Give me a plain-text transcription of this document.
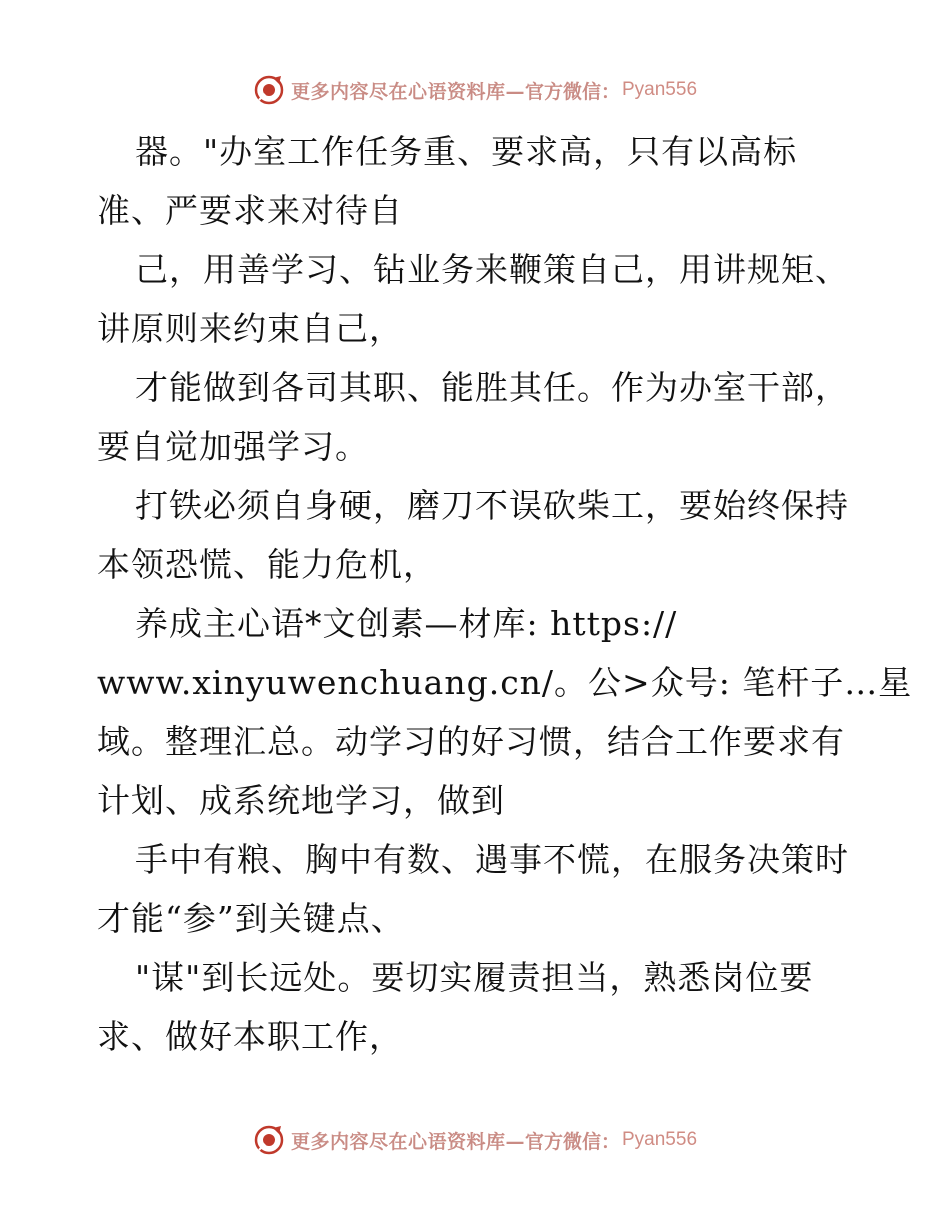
更多内容尽在心语资料库— 官方微信： Pyan556
器。"办室工作任务重、要求高，只有以高标
准、严要求来对待自
己，用善学习、钻业务来鞭策自己，用讲规矩、
讲原则来约束自己，
才能做到各司其职、能胜其任。作为办室干部，
要自觉加强学习。
打铁必须自身硬，磨刀不误砍柴工，要始终保持
本领恐慌、能力危机，
养成主心语*文创素—材库: https://
www.xinyuwenchuang.cn/。公>众号: 笔杆子…星
域。整理汇总。动学习的好习惯，结合工作要求有
计划、成系统地学习，做到
手中有粮、胸中有数、遇事不慌，在服务决策时
才能“参”到关键点、
"谋"到长远处。要切实履责担当，熟悉岗位要
求、做好本职工作，
更多内容尽在心语资料库— 官方微信： Pyan556
